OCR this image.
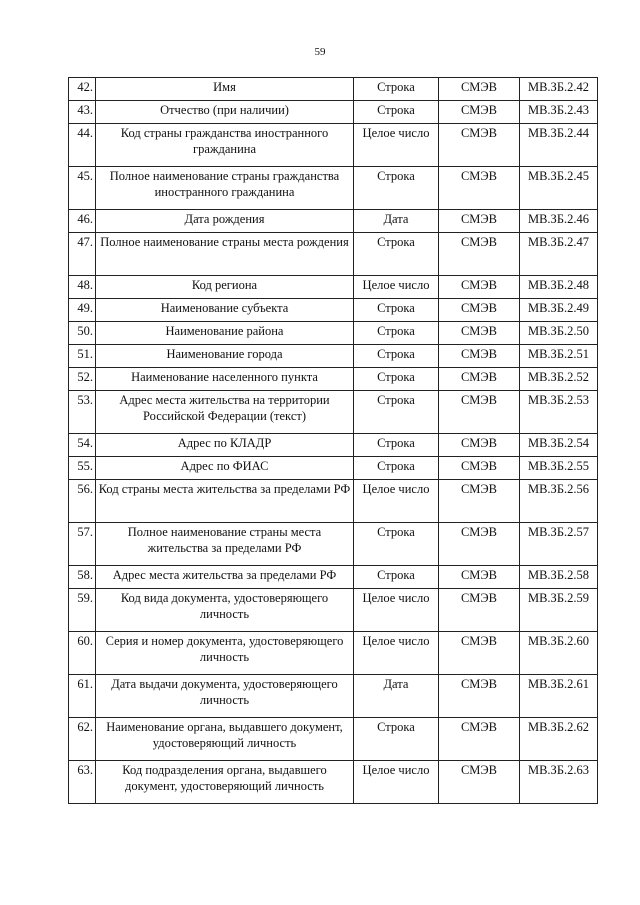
59
42.	Имя	Строка	СМЭВ	МВ.ЗБ.2.42
43.	Отчество (при наличии)	Строка	СМЭВ	МВ.ЗБ.2.43
44.	Код страны гражданства иностранного гражданина	Целое число	СМЭВ	МВ.ЗБ.2.44
45.	Полное наименование страны гражданства иностранного гражданина	Строка	СМЭВ	МВ.ЗБ.2.45
46.	Дата рождения	Дата	СМЭВ	МВ.ЗБ.2.46
47.	Полное наименование страны места рождения	Строка	СМЭВ	МВ.ЗБ.2.47
48.	Код региона	Целое число	СМЭВ	МВ.ЗБ.2.48
49.	Наименование субъекта	Строка	СМЭВ	МВ.ЗБ.2.49
50.	Наименование района	Строка	СМЭВ	МВ.ЗБ.2.50
51.	Наименование города	Строка	СМЭВ	МВ.ЗБ.2.51
52.	Наименование населенного пункта	Строка	СМЭВ	МВ.ЗБ.2.52
53.	Адрес места жительства на территории Российской Федерации (текст)	Строка	СМЭВ	МВ.ЗБ.2.53
54.	Адрес по КЛАДР	Строка	СМЭВ	МВ.ЗБ.2.54
55.	Адрес по ФИАС	Строка	СМЭВ	МВ.ЗБ.2.55
56.	Код страны места жительства за пределами РФ	Целое число	СМЭВ	МВ.ЗБ.2.56
57.	Полное наименование страны места жительства за пределами РФ	Строка	СМЭВ	МВ.ЗБ.2.57
58.	Адрес места жительства за пределами РФ	Строка	СМЭВ	МВ.ЗБ.2.58
59.	Код вида документа, удостоверяющего личность	Целое число	СМЭВ	МВ.ЗБ.2.59
60.	Серия и номер документа, удостоверяющего личность	Целое число	СМЭВ	МВ.ЗБ.2.60
61.	Дата выдачи документа, удостоверяющего личность	Дата	СМЭВ	МВ.ЗБ.2.61
62.	Наименование органа, выдавшего документ, удостоверяющий личность	Строка	СМЭВ	МВ.ЗБ.2.62
63.	Код подразделения органа, выдавшего документ, удостоверяющий личность	Целое число	СМЭВ	МВ.ЗБ.2.63
